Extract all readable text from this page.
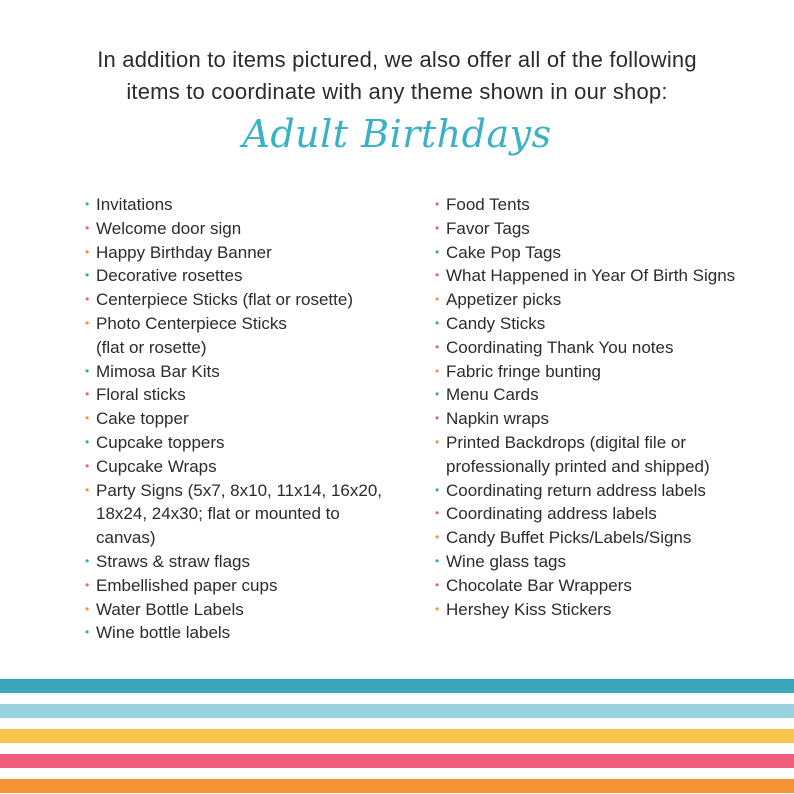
In addition to items pictured, we also offer all of the following
items to coordinate with any theme shown in our shop:
Adult Birthdays
• Invitations
• Welcome door sign
• Happy Birthday Banner
• Decorative rosettes
• Centerpiece Sticks (flat or rosette)
• Photo Centerpiece Sticks
(flat or rosette)
• Mimosa Bar Kits
• Floral sticks
• Cake topper
• Cupcake toppers
• Cupcake Wraps
• Party Signs (5x7, 8x10, 11x14, 16x20,
18x24, 24x30; flat or mounted to
canvas)
• Straws & straw flags
• Embellished paper cups
• Water Bottle Labels
• Wine bottle labels
• Food Tents
• Favor Tags
• Cake Pop Tags
• What Happened in Year Of Birth Signs
• Appetizer picks
• Candy Sticks
• Coordinating Thank You notes
• Fabric fringe bunting
• Menu Cards
• Napkin wraps
• Printed Backdrops (digital file or
professionally printed and shipped)
• Coordinating return address labels
• Coordinating address labels
• Candy Buffet Picks/Labels/Signs
• Wine glass tags
• Chocolate Bar Wrappers
• Hershey Kiss Stickers
